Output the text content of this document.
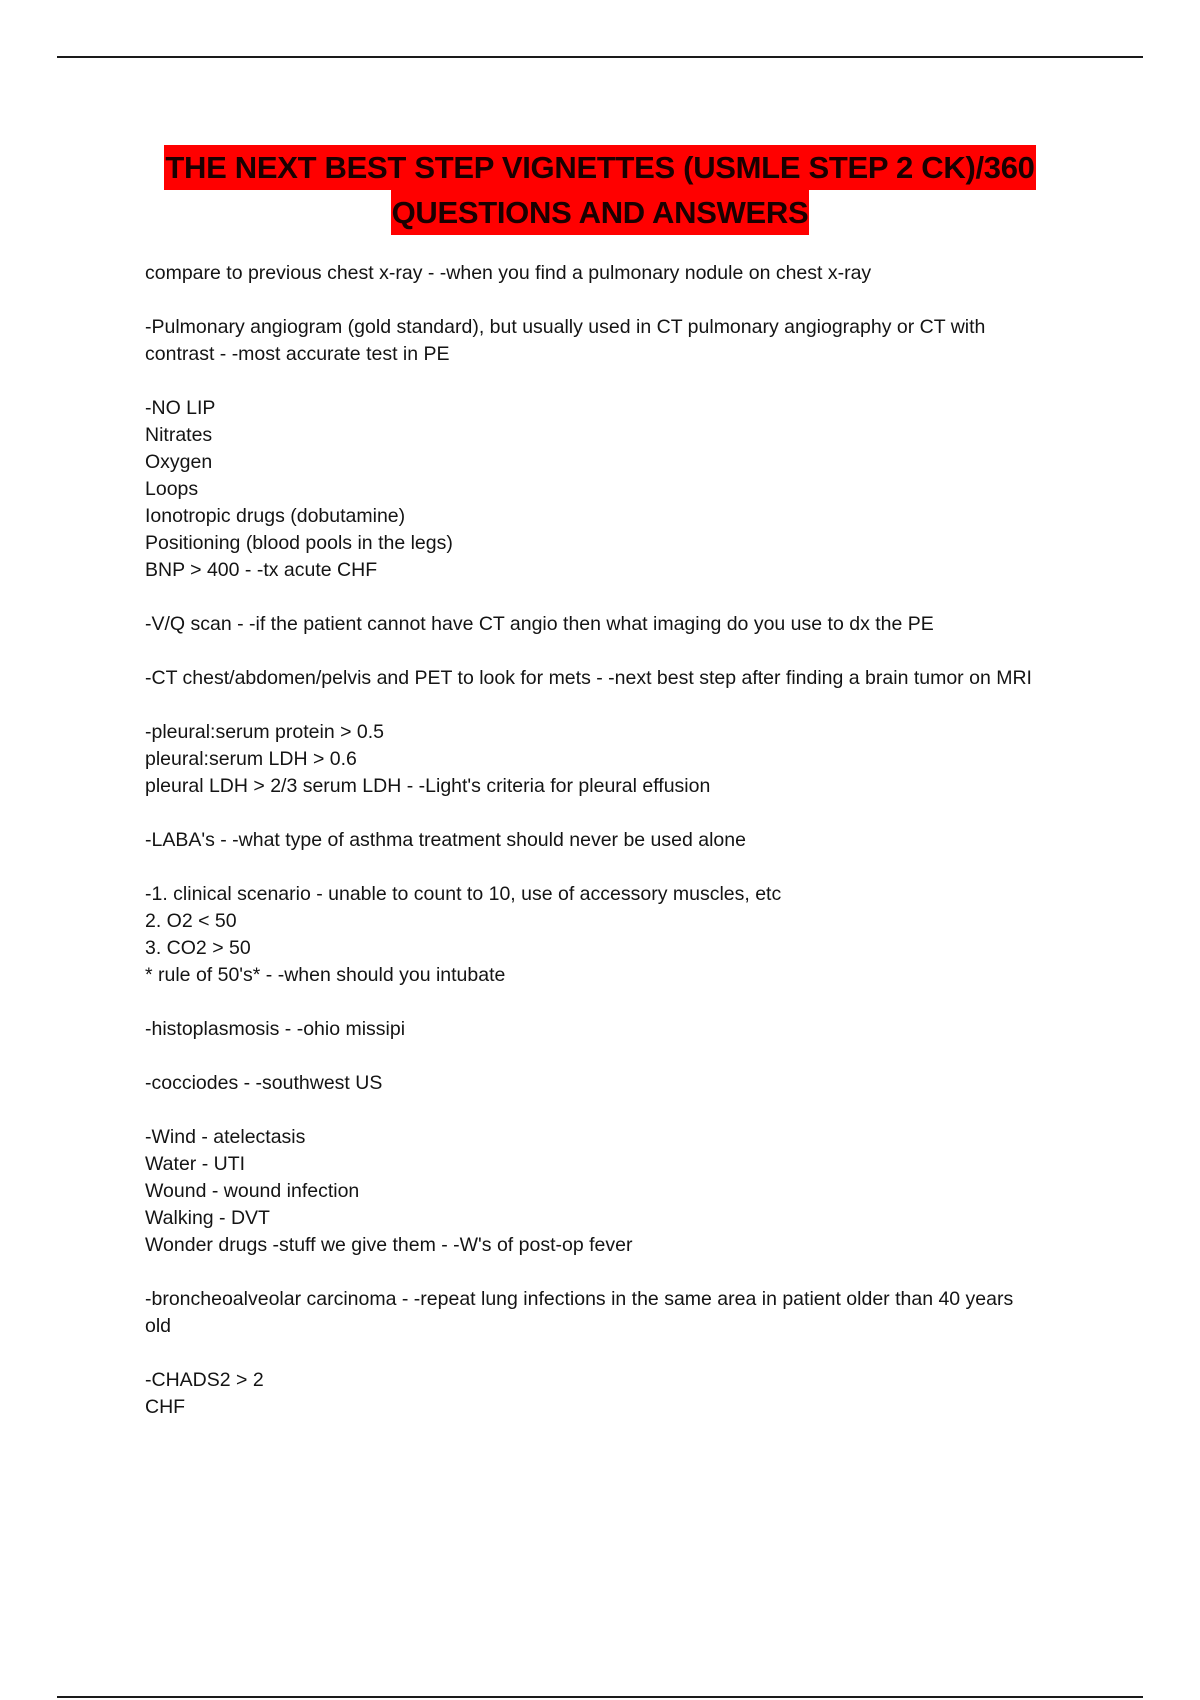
THE NEXT BEST STEP VIGNETTES (USMLE STEP 2 CK)/360
QUESTIONS AND ANSWERS
compare to previous chest x-ray - -when you find a pulmonary nodule on chest x-ray
-Pulmonary angiogram (gold standard), but usually used in CT pulmonary angiography or CT with
contrast - -most accurate test in PE
-NO LIP
Nitrates
Oxygen
Loops
Ionotropic drugs (dobutamine)
Positioning (blood pools in the legs)
BNP > 400 - -tx acute CHF
-V/Q scan - -if the patient cannot have CT angio then what imaging do you use to dx the PE
-CT chest/abdomen/pelvis and PET to look for mets - -next best step after finding a brain tumor on MRI
-pleural:serum protein > 0.5
pleural:serum LDH > 0.6
pleural LDH > 2/3 serum LDH - -Light's criteria for pleural effusion
-LABA's - -what type of asthma treatment should never be used alone
-1. clinical scenario - unable to count to 10, use of accessory muscles, etc
2. O2 < 50
3. CO2 > 50
* rule of 50's* - -when should you intubate
-histoplasmosis - -ohio missipi
-cocciodes - -southwest US
-Wind - atelectasis
Water - UTI
Wound - wound infection
Walking - DVT
Wonder drugs -stuff we give them - -W's of post-op fever
-broncheoalveolar carcinoma - -repeat lung infections in the same area in patient older than 40 years
old
-CHADS2 > 2
CHF
